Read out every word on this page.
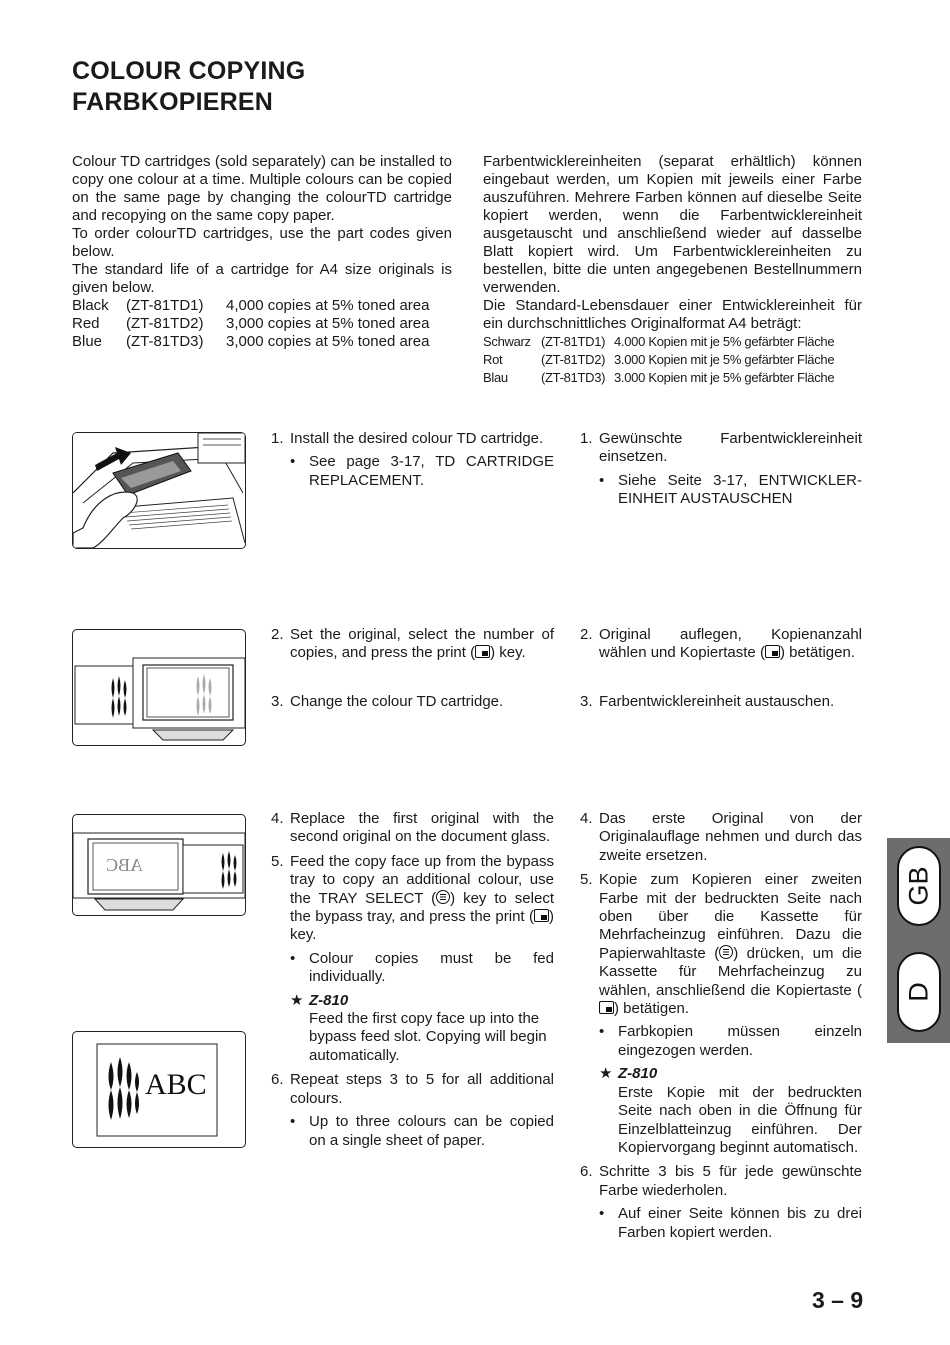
COLOUR COPYING
FARBKOPIEREN
Colour TD cartridges (sold separately) can be installed to copy one colour at a time. Multiple colours can be copied on the same page by changing the colourTD cartridge and recopying on the same copy paper.
To order colourTD cartridges, use the part codes given below.
The standard life of a cartridge for A4 size originals is given below.
Black	(ZT-81TD1)	4,000 copies at 5% toned area
Red	(ZT-81TD2)	3,000 copies at 5% toned area
Blue	(ZT-81TD3)	3,000 copies at 5% toned area
Farbentwicklereinheiten (separat erhältlich) können eingebaut werden, um Kopien mit jeweils einer Farbe auszuführen. Mehrere Farben können auf dieselbe Seite kopiert werden, wenn die Farbentwicklereinheit ausgetauscht und anschließend wieder auf dasselbe Blatt kopiert wird. Um Farbentwicklereinheiten zu bestellen, bitte die unten angegebenen Bestellnummern verwenden.
Die Standard-Lebensdauer einer Entwicklereinheit für ein durchschnittliches Originalformat A4 beträgt:
Schwarz	(ZT-81TD1)	4.000 Kopien mit je 5% gefärbter Fläche
Rot	(ZT-81TD2)	3.000 Kopien mit je 5% gefärbter Fläche
Blau	(ZT-81TD3)	3.000 Kopien mit je 5% gefärbter Fläche
ABC
ABC
1. Install the desired colour TD cartridge.
• See page 3-17, TD CARTRIDGE REPLACEMENT.
2. Set the original, select the number of copies, and press the print ( ) key.
3. Change the colour TD cartridge.
4. Replace the first original with the second original on the document glass.
5. Feed the copy face up from the bypass tray to copy an additional colour, use the TRAY SELECT ( ) key to select the bypass tray, and press the print ( ) key.
• Colour copies must be fed individually.
★ Z-810
Feed the first copy face up into the bypass feed slot. Copying will begin automatically.
6. Repeat steps 3 to 5 for all additional colours.
• Up to three colours can be copied on a single sheet of paper.
1. Gewünschte Farbentwicklereinheit einsetzen.
• Siehe Seite 3-17, ENTWICKLER-EINHEIT AUSTAUSCHEN
2. Original auflegen, Kopienanzahl wählen und Kopiertaste ( ) betätigen.
3. Farbentwicklereinheit austauschen.
4. Das erste Original von der Originalauflage nehmen und durch das zweite ersetzen.
5. Kopie zum Kopieren einer zweiten Farbe mit der bedruckten Seite nach oben über die Kassette für Mehrfacheinzug einführen. Dazu die Papierwahltaste ( ) drücken, um die Kassette für Mehrfacheinzug zu wählen, anschließend die Kopiertaste () betätigen.
• Farbkopien müssen einzeln eingezogen werden.
★ Z-810
Erste Kopie mit der bedruckten Seite nach oben in die Öffnung für Einzelblatteinzug einführen. Der Kopiervorgang beginnt automatisch.
6. Schritte 3 bis 5 für jede gewünschte Farbe wiederholen.
• Auf einer Seite können bis zu drei Farben kopiert werden.
GB
D
3 – 9
